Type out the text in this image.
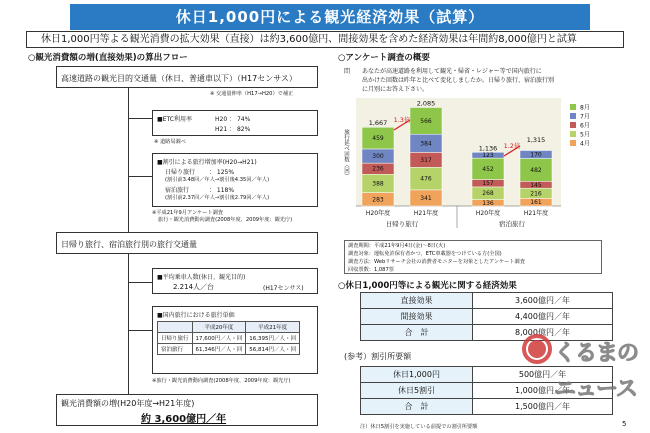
休日1,000円による観光経済効果（試算）
休日1,000円等よる観光消費の拡大効果（直接）は約3,600億円、間接効果を含めた経済効果は年間約8,000億円と試算
○観光消費額の増(直接効果)の算出フロー
高速道路の観光目的交通量（休日、普通車以下）（H17センサス）
※ 交通量伸率（H17→H20）で補正
■ETC利用率	H20 ： 74%
H21 ： 82%
※ 道路局調べ
■割引による旅行増加率(H20→H21)
日帰り旅行 ： 125%
(割引前3.48回／年人→割引後4.35回／年人)
宿泊旅行	： 118%
(割引前2.37回／年人→割引後2.79回／年人)
※平成21年9月アンケート調査
旅行・観光消費動向調査(2008年度、2009年度：観光庁)
日帰り旅行、宿泊旅行別の旅行交通量
■平均乗車人数(休日、観光目的)
2.214人／台	(H17センサス)
■国内旅行における旅行単価
	平成20年度	平成21年度
日帰り旅行	17,600円／人・回	16,395円／人・回
宿泊旅行	61,346円／人・回	56,814円／人・回
※旅行・観光消費動向調査(2008年度、2009年度：観光庁)
観光消費額の増(H20年度→H21年度)
約 3,600億円／年
○アンケート調査の概要
問 あなたが高速道路を利用して観光・帰省・レジャー等で国内旅行に
出かけた回数は昨年と比べて変化しましたか。日帰り旅行、宿泊旅行別
に月別にお答え下さい。
旅行延べ回数（回）
283
388
236
300
459
1,667
H20年度
341
476
317
384
566
2,085
H21年度
136
268
157
452
123
1,136
H20年度
161
216
145
482
170
1,315
H21年度
日帰り旅行	宿泊旅行
1.3倍
1.2倍
8月
7月
6月
5月
4月
調査期間：平成21年9月4日(金)～8日(火)
調査対象：運転免許保有者かつ、ETC車載器をつけている方(全国)
調査方法：Webリサーチ会社の消費者モニターを対象としたアンケート調査
回収票数：1,087票
○休日1,000円等による観光に関する経済効果
直接効果	3,600億円／年
間接効果	4,400億円／年
合　計	8,000億円／年
(参考）割引所要額
休日1,000円	500億円／年
休日5割引	1,000億円／年
合　計	1,500億円／年
注）休日5割引を実施している前提での割引所要額	5
くるまの
ニュース
